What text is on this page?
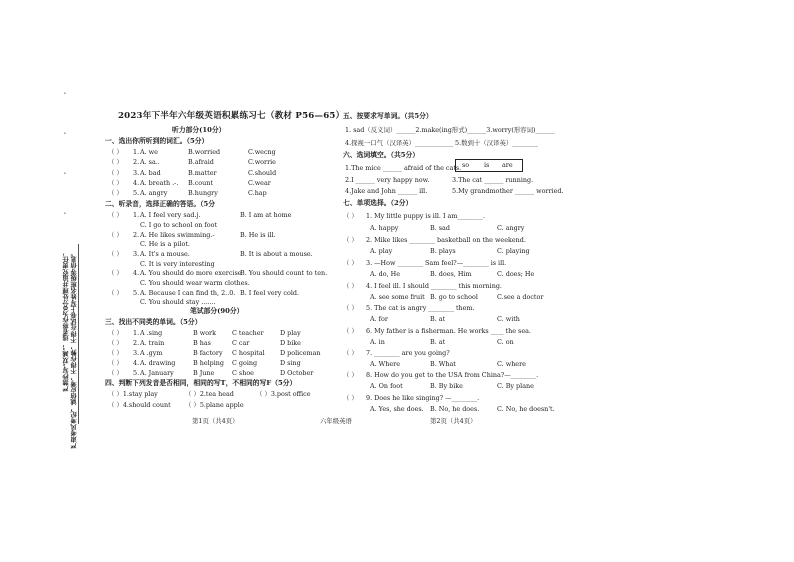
·
·
·
·
严禁抄写“双减”，违者将作为0分处理并追究责任， 严肃考风考纪，诚信应考，不得作弊，不得在试卷上写姓名班级等信息。
2023年下半年六年级英语积累练习七（教材 P56—65）
听力部分(10分）
一、选出你所听到的词汇。（5分）
（ ） 1. A. we	B.worried	C.wecng
（ ） 2. A. sa..	B.afraid	C.worrie
（ ） 3. A. bad	B.matter	C.should
（ ） 4. A. breath .-. B.count	C.wear
（ ） 5. A. angry	B.hungry	C.hap
二、听录音，选择正确的答语。（5分
（ ） 1. A. I feel very sad.j.	B. I am at home
C. I go to school on foot
（ ） 2. A. He likes swimming.-	B. He is ill.
C. He is a pilot.
（ ） 3. A. It's a mouse.	B. It is about a mouse.
C. It is very interesting
（ ） 4. A. You should do more exercise
B. You should count to ten.
C. You should wear warm clothes.
（ ） 5. A. Because I can find th, 2..0. B. I feel very cold.
C. You should stay .......
笔试部分(90分）
三、找出不同类的单词。（5分）
（ ） 1. A .sing	B work	C teacher	D play
（ ） 2. A. train	B has	C car	D bike
（ ） 3. A .gym	B factory C hospital D policeman
（ ） 4. A. drawing	B helping C going	D sing
（ ） 5. A. January	B June	C shoe	D October
四、判断下列发音是否相同，相同的写T，不相同的写F（5分）
（ ）1.stay play	（ ）2.tea head	（ ）3.post office
（ ）4.should count （ ）5.plane apple
五、按要求写单词。（共5分）
1. sad（反义词）______2.make(ing形式)______3.worry(形容词)______
4.探视一口气（汉译英）____________ 5.数到十（汉译英）________
六、选词填空。（共5分）
so is are
1.The mice ______ afraid of the cats.
2.I ______ very happy now.	3.The cat ______ running.
4.Jake and John ______ ill.	5.My grandmother ______ worried.
七、单项选择。（2分）
（ ） 1. My little puppy is ill. I am________.
A. happy	B. sad	C. angry
（ ） 2. Mike likes ________ basketball on the weekend.
A. play	B. plays	C. playing
（ ） 3. —How ________ Sam feel?—________ is ill.
A. do, He	B. does, Him	C. does; He
（ ） 4. I feel ill. I should ________ this morning.
A. see some fruit B. go to school	C.see a doctor
（ ） 5. The cat is angry ________ them.
A. for	B. at	C. with
（ ） 6. My father is a fisherman. He works ____ the sea.
A. in	B. at	C. on
（ ） 7. ________ are you going?
A. Where	B. What	C. where
（ ） 8. How do you get to the USA from China?—________.
A. On foot	B. By bike	C. By plane
（ ） 9. Does he like singing? —________.
A. Yes, she does. B. No, he does.	C. No, he doesn't.
第1页（共4页）	六年级英语	第2页（共4页）
